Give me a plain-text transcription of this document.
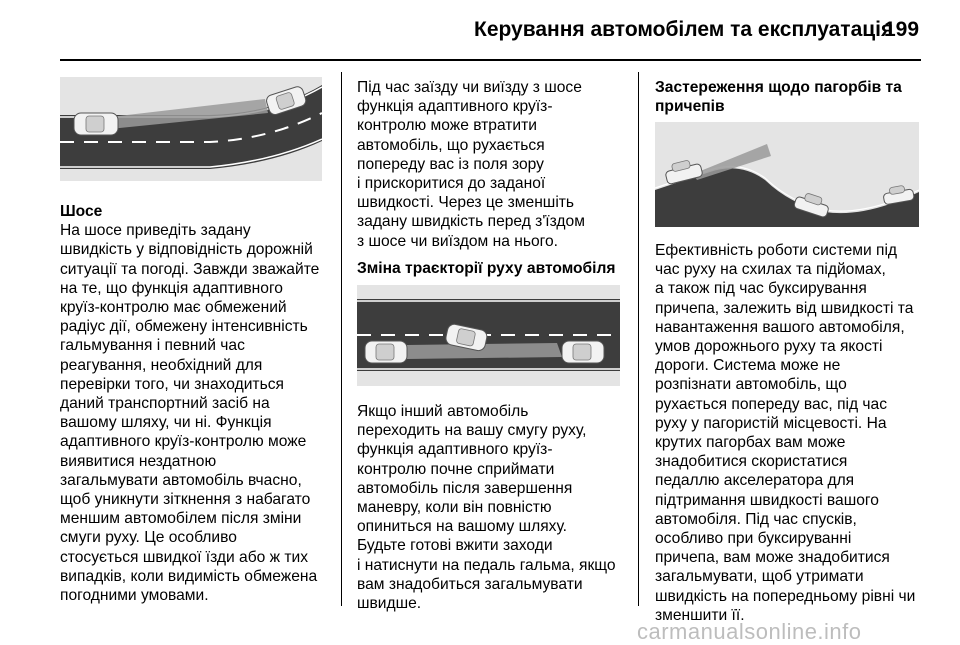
Керування автомобілем та експлуатація
199
Шосе

На шосе приведіть задану
швидкість у відповідність дорожній
ситуації та погоді. Завжди зважайте
на те, що функція адаптивного
круїз-контролю має обмежений
радіус дії, обмежену інтенсивність
гальмування і певний час
реагування, необхідний для
перевірки того, чи знаходиться
даний транспортний засіб на
вашому шляху, чи ні. Функція
адаптивного круїз-контролю може
виявитися нездатною
загальмувати автомобіль вчасно,
щоб уникнути зіткнення з набагато
меншим автомобілем після зміни
смуги руху. Це особливо
стосується швидкої їзди або ж тих
випадків, коли видимість обмежена
погодними умовами.

Під час заїзду чи виїзду з шосе
функція адаптивного круїз-
контролю може втратити
автомобіль, що рухається
попереду вас із поля зору
і прискоритися до заданої
швидкості. Через це зменшіть
задану швидкість перед з'їздом
з шосе чи виїздом на нього.

Зміна траєкторії руху автомобіля

Якщо інший автомобіль
переходить на вашу смугу руху,
функція адаптивного круїз-
контролю почне сприймати
автомобіль після завершення
маневру, коли він повністю
опиниться на вашому шляху.
Будьте готові вжити заходи
і натиснути на педаль гальма, якщо
вам знадобиться загальмувати
швидше.

Застереження щодо пагорбів та
причепів

Ефективність роботи системи під
час руху на схилах та підйомах,
а також під час буксирування
причепа, залежить від швидкості та
навантаження вашого автомобіля,
умов дорожнього руху та якості
дороги. Система може не
розпізнати автомобіль, що
рухається попереду вас, під час
руху у пагористій місцевості. На
крутих пагорбах вам може
знадобитися скористатися
педаллю акселератора для
підтримання швидкості вашого
автомобіля. Під час спусків,
особливо при буксируванні
причепа, вам може знадобитися
загальмувати, щоб утримати
швидкість на попередньому рівні чи
зменшити її.

carmanualsonline.info
